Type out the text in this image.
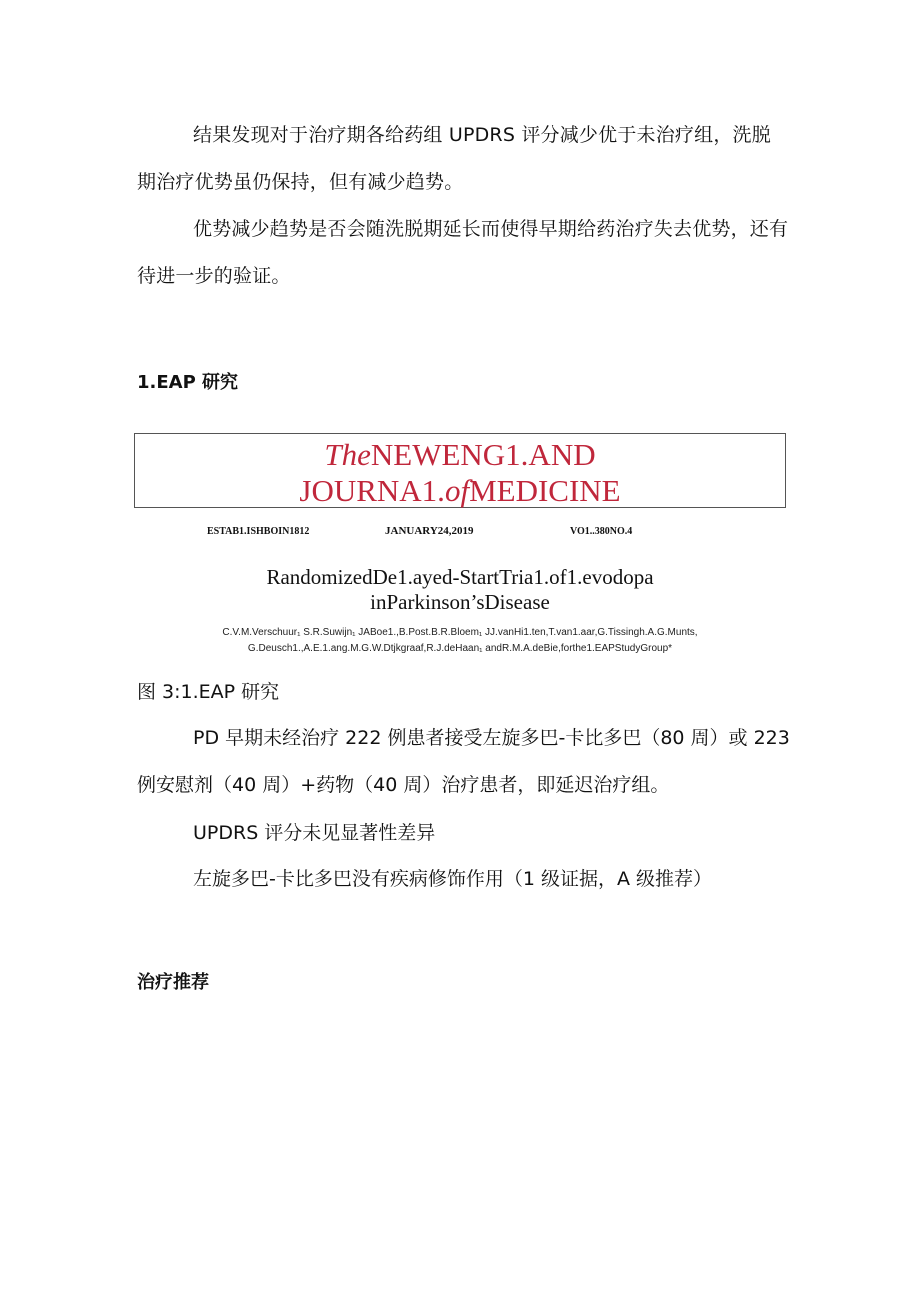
结果发现对于治疗期各给药组 UPDRS 评分减少优于未治疗组，洗脱期治疗优势虽仍保持，但有减少趋势。

优势减少趋势是否会随洗脱期延长而使得早期给药治疗失去优势，还有待进一步的验证。

1.EAP 研究
TheNEWENG1.AND
JOURNA1.ofMEDICINE
ESTAB1.ISHBOIN1812	JANUARY24,2019	VO1..380NO.4
RandomizedDe1.ayed-StartTria1.of1.evodopa
inParkinson’sDisease
C.V.M.Verschuur₁ S.R.Suwijn₁ JABoe1.,B.Post.B.R.Bloem₁ JJ.vanHi1.ten,T.van1.aar,G.Tissingh.A.G.Munts,
G.Deusch1.,A.E.1.ang.M.G.W.Dtjkgraaf,R.J.deHaan₁ andR.M.A.deBie,forthe1.EAPStudyGroup*

图 3:1.EAP 研究

PD 早期未经治疗 222 例患者接受左旋多巴-卡比多巴（80 周）或 223

例安慰剂（40 周）+药物（40 周）治疗患者，即延迟治疗组。

UPDRS 评分未见显著性差异

左旋多巴-卡比多巴没有疾病修饰作用（1 级证据，A 级推荐）

治疗推荐
